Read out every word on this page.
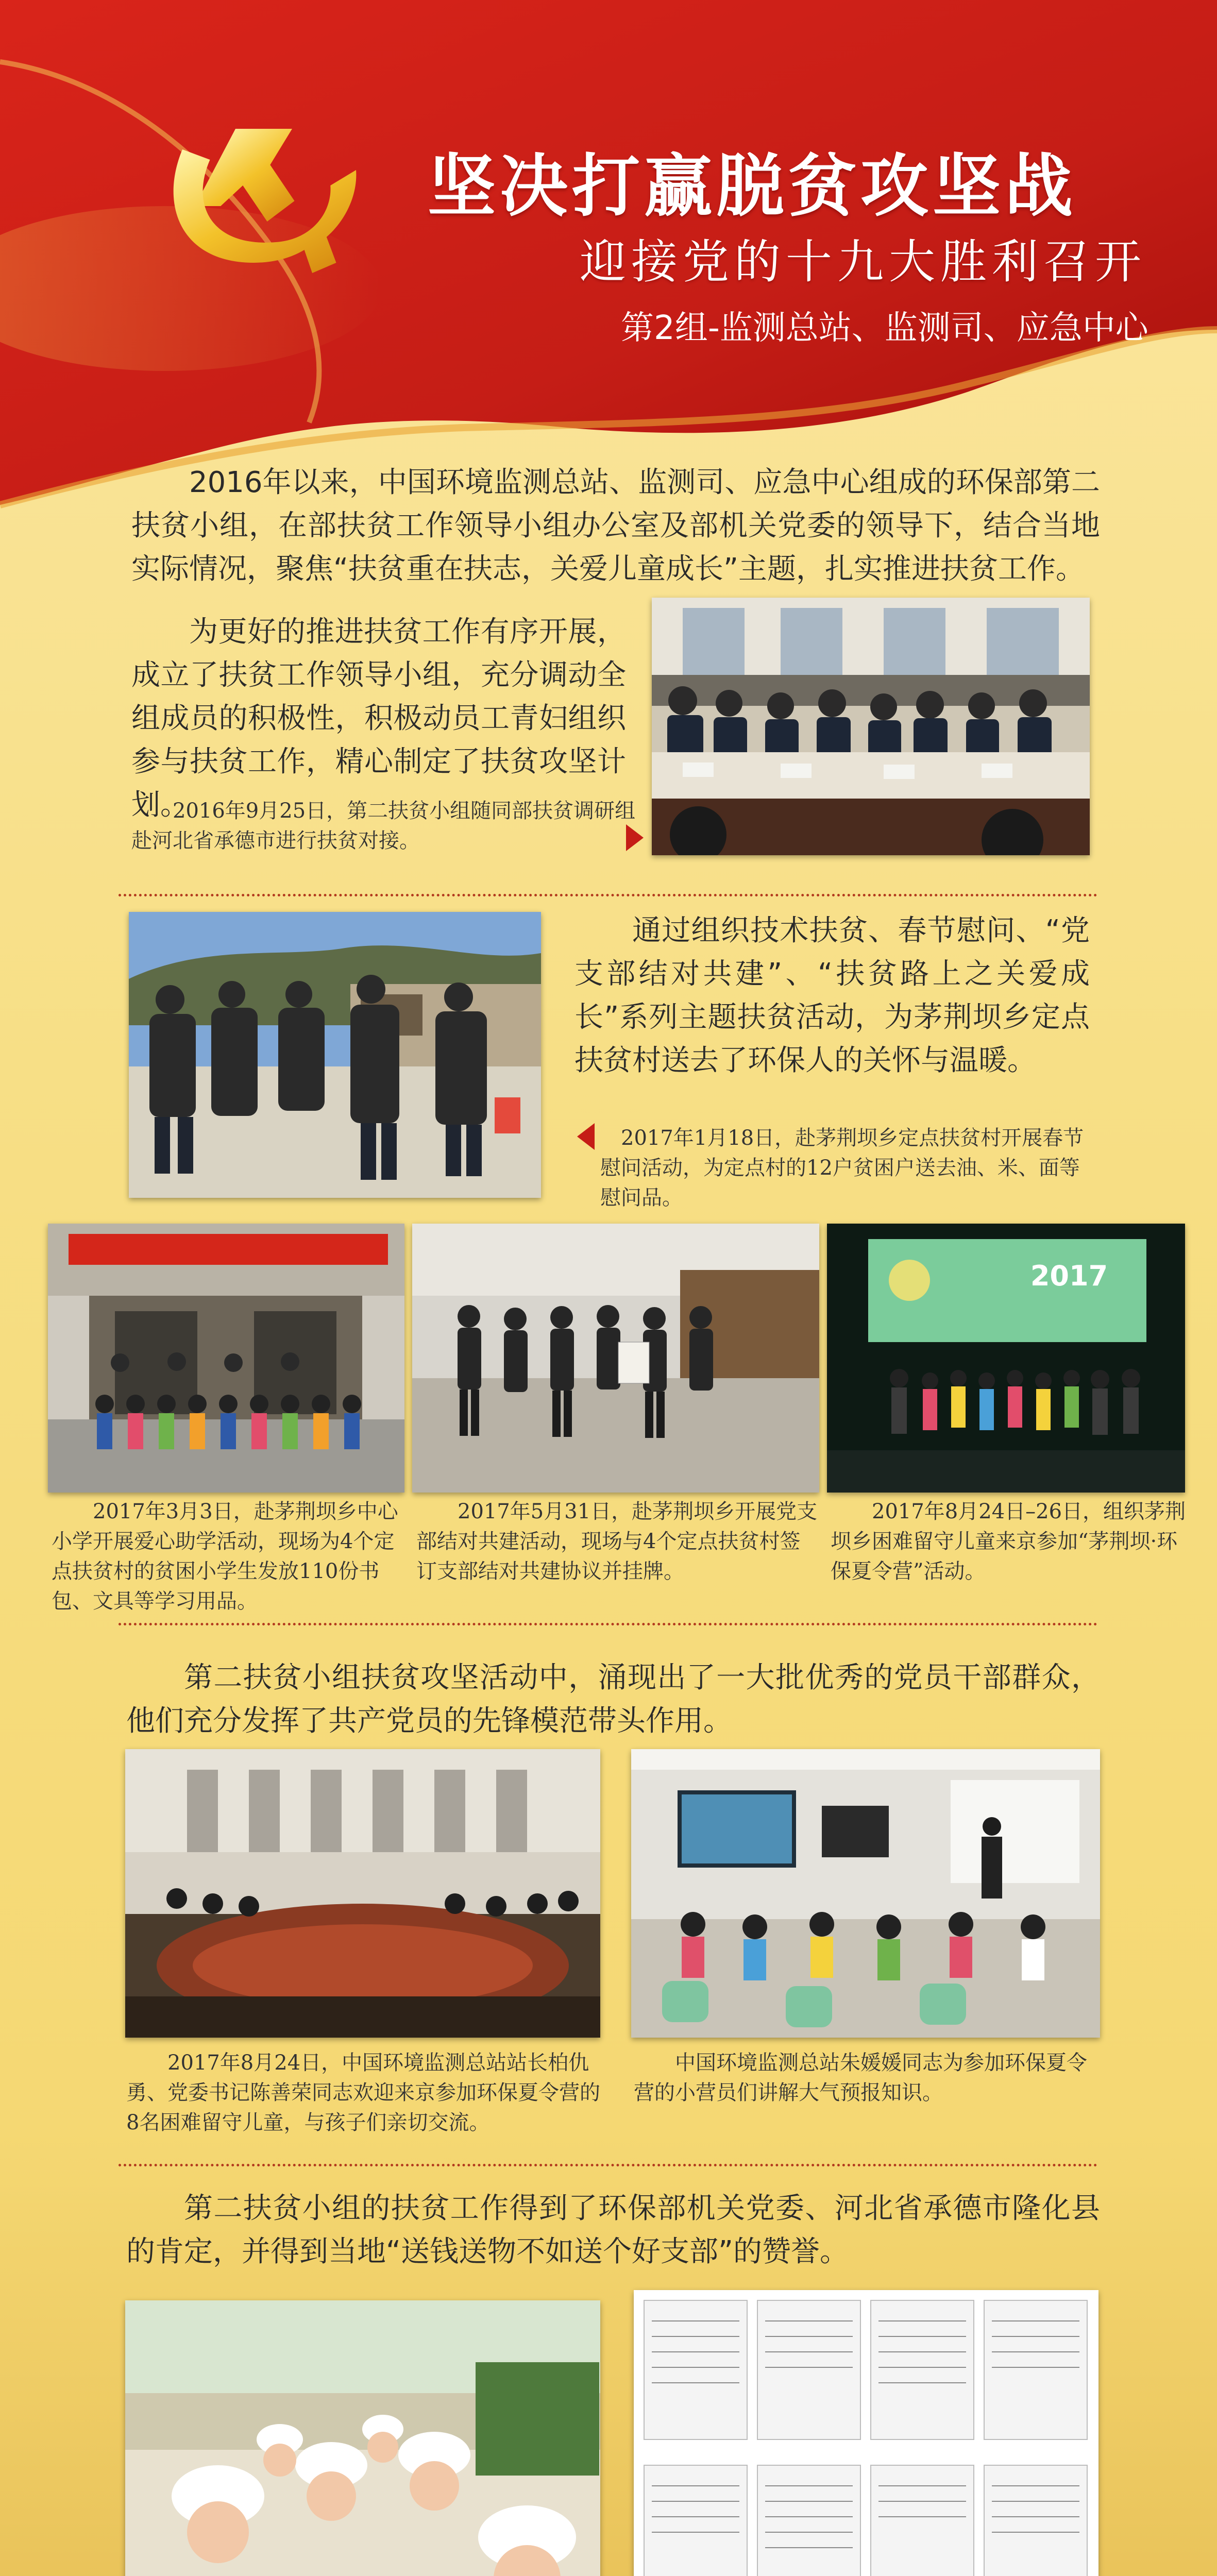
坚决打赢脱贫攻坚战
迎接党的十九大胜利召开
第2组-监测总站、监测司、应急中心
2016年以来，中国环境监测总站、监测司、应急中心组成的环保部第二扶贫小组，在部扶贫工作领导小组办公室及部机关党委的领导下，结合当地实际情况，聚焦“扶贫重在扶志，关爱儿童成长”主题，扎实推进扶贫工作。
为更好的推进扶贫工作有序开展，成立了扶贫工作领导小组，充分调动全组成员的积极性，积极动员工青妇组织参与扶贫工作，精心制定了扶贫攻坚计划。
2016年9月25日，第二扶贫小组随同部扶贫调研组赴河北省承德市进行扶贫对接。
通过组织技术扶贫、春节慰问、“党支部结对共建”、“扶贫路上之关爱成长”系列主题扶贫活动，为茅荆坝乡定点扶贫村送去了环保人的关怀与温暖。
2017年1月18日，赴茅荆坝乡定点扶贫村开展春节慰问活动，为定点村的12户贫困户送去油、米、面等慰问品。

2017
2017年3月3日，赴茅荆坝乡中心小学开展爱心助学活动，现场为4个定点扶贫村的贫困小学生发放110份书包、文具等学习用品。
2017年5月31日，赴茅荆坝乡开展党支部结对共建活动，现场与4个定点扶贫村签订支部结对共建协议并挂牌。
2017年8月24日–26日，组织茅荆坝乡困难留守儿童来京参加“茅荆坝·环保夏令营”活动。
第二扶贫小组扶贫攻坚活动中，涌现出了一大批优秀的党员干部群众，他们充分发挥了共产党员的先锋模范带头作用。
2017年8月24日，中国环境监测总站站长柏仇勇、党委书记陈善荣同志欢迎来京参加环保夏令营的8名困难留守儿童，与孩子们亲切交流。
中国环境监测总站朱媛媛同志为参加环保夏令营的小营员们讲解大气预报知识。
第二扶贫小组的扶贫工作得到了环保部机关党委、河北省承德市隆化县的肯定，并得到当地“送钱送物不如送个好支部”的赞誉。
